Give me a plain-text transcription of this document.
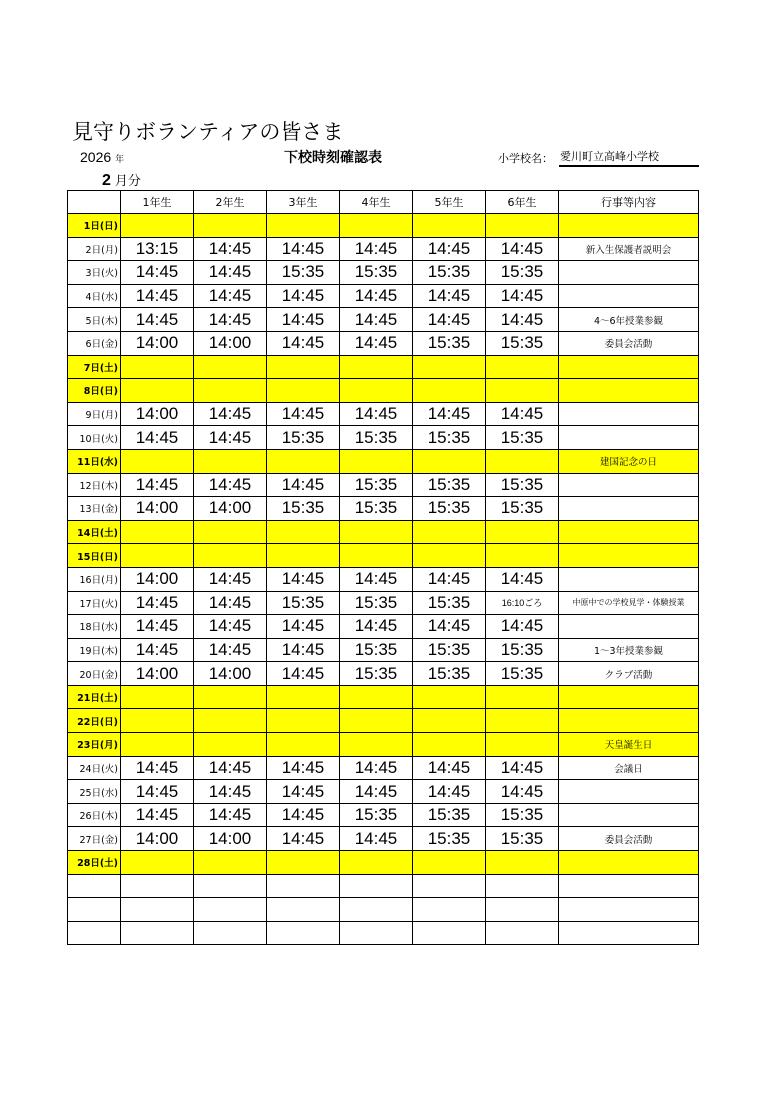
見守りボランティアの皆さま
2026 年	下校時刻確認表
2 月分
小学校名： 愛川町立高峰小学校
	1年生	2年生	3年生	4年生	5年生	6年生	行事等内容
1日(日)							
2日(月)	13:15	14:45	14:45	14:45	14:45	14:45	新入生保護者説明会
3日(火)	14:45	14:45	15:35	15:35	15:35	15:35	
4日(水)	14:45	14:45	14:45	14:45	14:45	14:45	
5日(木)	14:45	14:45	14:45	14:45	14:45	14:45	4～6年授業参観
6日(金)	14:00	14:00	14:45	14:45	15:35	15:35	委員会活動
7日(土)							
8日(日)							
9日(月)	14:00	14:45	14:45	14:45	14:45	14:45	
10日(火)	14:45	14:45	15:35	15:35	15:35	15:35	
11日(水)							建国記念の日
12日(木)	14:45	14:45	14:45	15:35	15:35	15:35	
13日(金)	14:00	14:00	15:35	15:35	15:35	15:35	
14日(土)							
15日(日)							
16日(月)	14:00	14:45	14:45	14:45	14:45	14:45	
17日(火)	14:45	14:45	15:35	15:35	15:35	16:10ごろ	中原中での学校見学・体験授業
18日(水)	14:45	14:45	14:45	14:45	14:45	14:45	
19日(木)	14:45	14:45	14:45	15:35	15:35	15:35	1～3年授業参観
20日(金)	14:00	14:00	14:45	15:35	15:35	15:35	クラブ活動
21日(土)							
22日(日)							
23日(月)							天皇誕生日
24日(火)	14:45	14:45	14:45	14:45	14:45	14:45	会議日
25日(水)	14:45	14:45	14:45	14:45	14:45	14:45	
26日(木)	14:45	14:45	14:45	15:35	15:35	15:35	
27日(金)	14:00	14:00	14:45	14:45	15:35	15:35	委員会活動
28日(土)							
